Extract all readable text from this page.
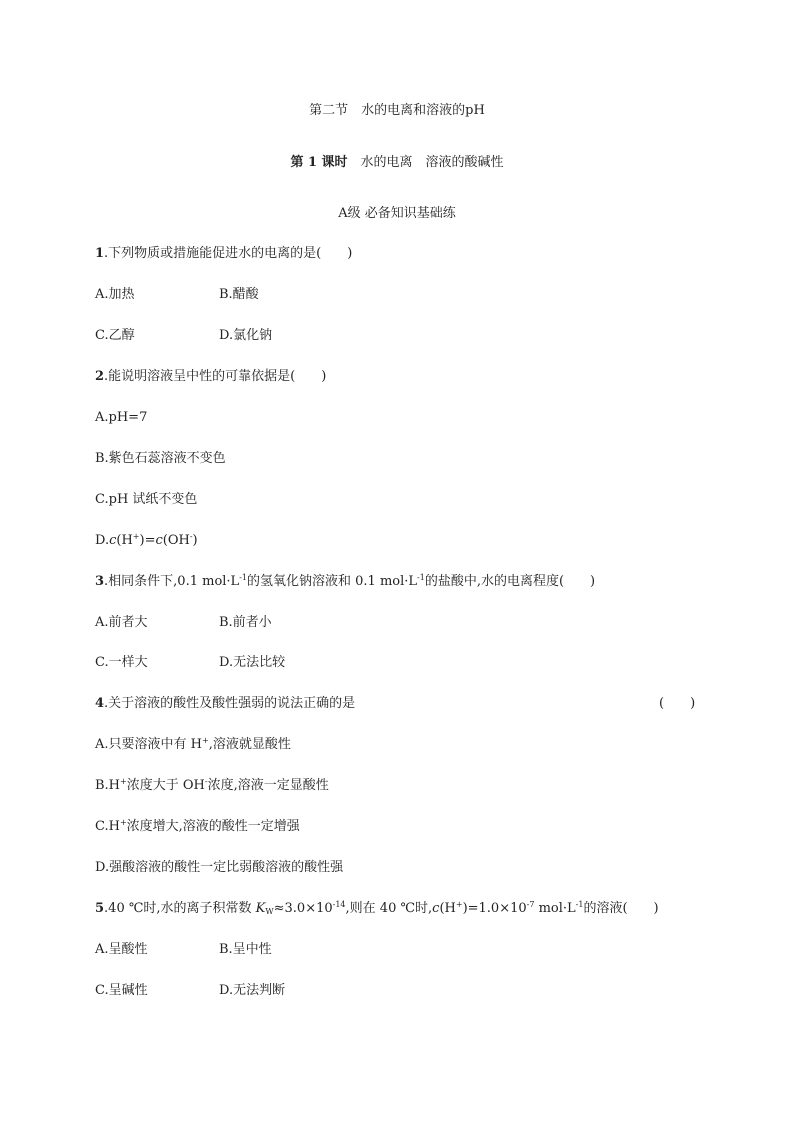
第二节　水的电离和溶液的pH
第 1 课时　水的电离　溶液的酸碱性
A级 必备知识基础练
1.下列物质或措施能促进水的电离的是(　　)
A.加热	B.醋酸
C.乙醇	D.氯化钠
2.能说明溶液呈中性的可靠依据是(　　)
A.pH=7
B.紫色石蕊溶液不变色
C.pH 试纸不变色
D.c(H+)=c(OH-)
3.相同条件下,0.1 $mol\cdot L^{-1}$的氢氧化钠溶液和 0.1 $mol\cdot L^{-1}$的盐酸中,水的电离程度(　　)
A.前者大	B.前者小
C.一样大	D.无法比较
4.关于溶液的酸性及酸性强弱的说法正确的是	(　　)
A.只要溶液中有 H+,溶液就显酸性
B.H+浓度大于 OH-浓度,溶液一定显酸性
C.H+浓度增大,溶液的酸性一定增强
D.强酸溶液的酸性一定比弱酸溶液的酸性强
5.40 ℃时,水的离子积常数 $K_W\approx 3.0\times 10^{-14}$,则在 40 ℃时$,c(H^+)=1.0\times 10^{-7}$ $mol\cdot L^{-1}$的溶液(　　)
A.呈酸性	B.呈中性
C.呈碱性	D.无法判断
